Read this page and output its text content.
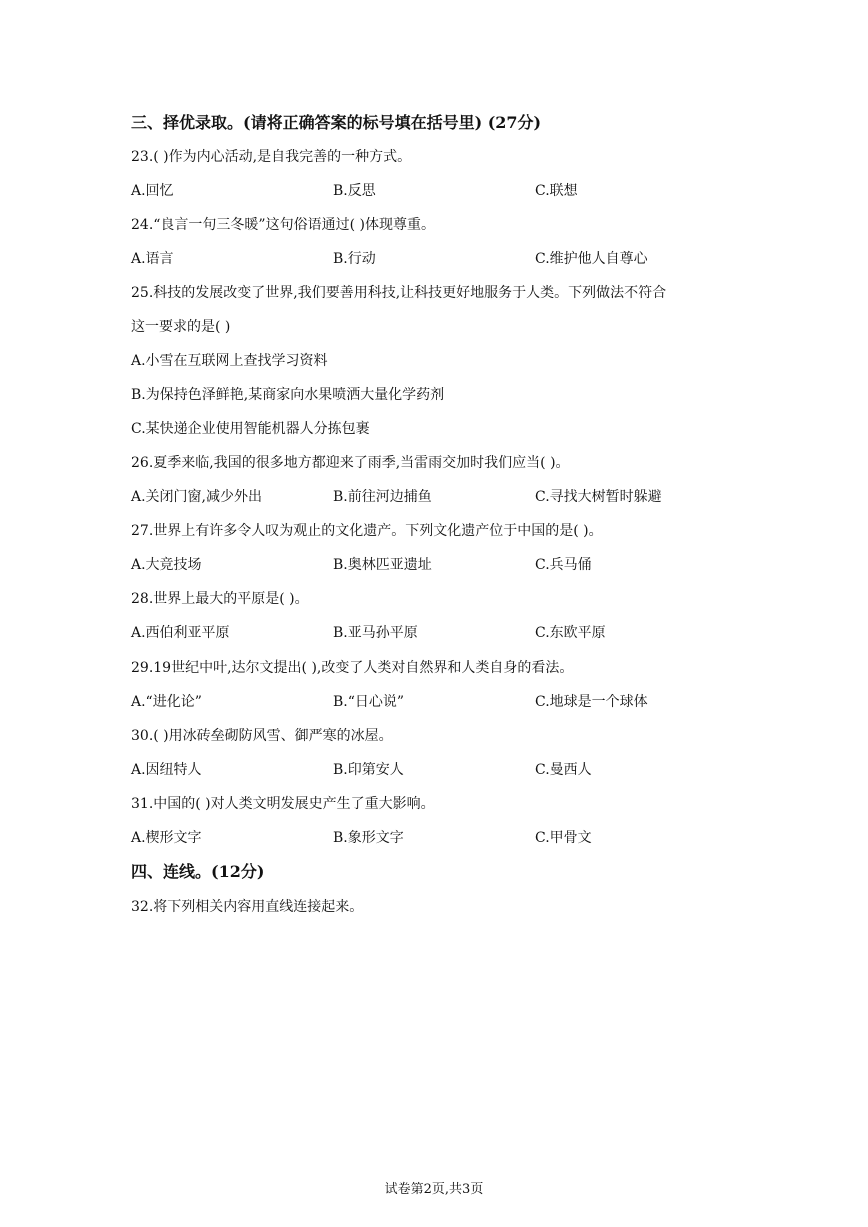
三、择优录取。(请将正确答案的标号填在括号里) (27分)
23.( )作为内心活动,是自我完善的一种方式。
A.回忆	B.反思	C.联想
24.“良言一句三冬暖”这句俗语通过( )体现尊重。
A.语言	B.行动	C.维护他人自尊心
25.科技的发展改变了世界,我们要善用科技,让科技更好地服务于人类。下列做法不符合
这一要求的是( )
A.小雪在互联网上查找学习资料
B.为保持色泽鲜艳,某商家向水果喷洒大量化学药剂
C.某快递企业使用智能机器人分拣包裹
26.夏季来临,我国的很多地方都迎来了雨季,当雷雨交加时我们应当( )。
A.关闭门窗,减少外出	B.前往河边捕鱼	C.寻找大树暂时躲避
27.世界上有许多令人叹为观止的文化遗产。下列文化遗产位于中国的是( )。
A.大竞技场	B.奥林匹亚遗址	C.兵马俑
28.世界上最大的平原是( )。
A.西伯利亚平原	B.亚马孙平原	C.东欧平原
29.19世纪中叶,达尔文提出( ),改变了人类对自然界和人类自身的看法。
A.“进化论”	B.“日心说”	C.地球是一个球体
30.( )用冰砖垒砌防风雪、御严寒的冰屋。
A.因纽特人	B.印第安人	C.曼西人
31.中国的( )对人类文明发展史产生了重大影响。
A.楔形文字	B.象形文字	C.甲骨文
四、连线。(12分)
32.将下列相关内容用直线连接起来。
试卷第2页,共3页
